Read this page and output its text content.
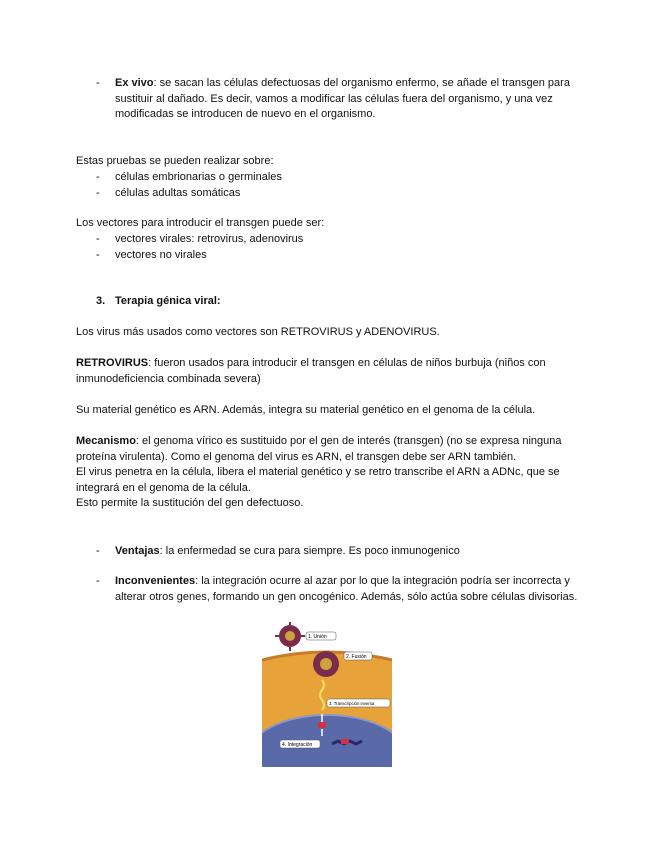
- Ex vivo: se sacan las células defectuosas del organismo enfermo, se añade el transgen para sustituir al dañado. Es decir, vamos a modificar las células fuera del organismo, y una vez modificadas se introducen de nuevo en el organismo.

Estas pruebas se pueden realizar sobre:
- células embrionarias o germinales
- células adultas somáticas
Los vectores para introducir el transgen puede ser:
- vectores virales: retrovirus, adenovirus
- vectores no virales
3. Terapia génica viral:
Los virus más usados como vectores son RETROVIRUS y ADENOVIRUS.

RETROVIRUS: fueron usados para introducir el transgen en células de niños burbuja (niños con inmunodeficiencia combinada severa)

Su material genético es ARN. Además, integra su material genético en el genoma de la célula.

Mecanismo: el genoma vírico es sustituido por el gen de interés (transgen) (no se expresa ninguna proteína virulenta). Como el genoma del virus es ARN, el transgen debe ser ARN también.

El virus penetra en la célula, libera el material genético y se retro transcribe el ARN a ADNc, que se integrará en el genoma de la célula.

Esto permite la sustitución del gen defectuoso.

- Ventajas: la enfermedad se cura para siempre. Es poco inmunogenico

- Inconvenientes: la integración ocurre al azar por lo que la integración podría ser incorrecta y alterar otros genes, formando un gen oncogénico. Además, sólo actúa sobre células divisorias.

1. Unión
2. Fusión
3. Transcripción inversa
4. Integración
